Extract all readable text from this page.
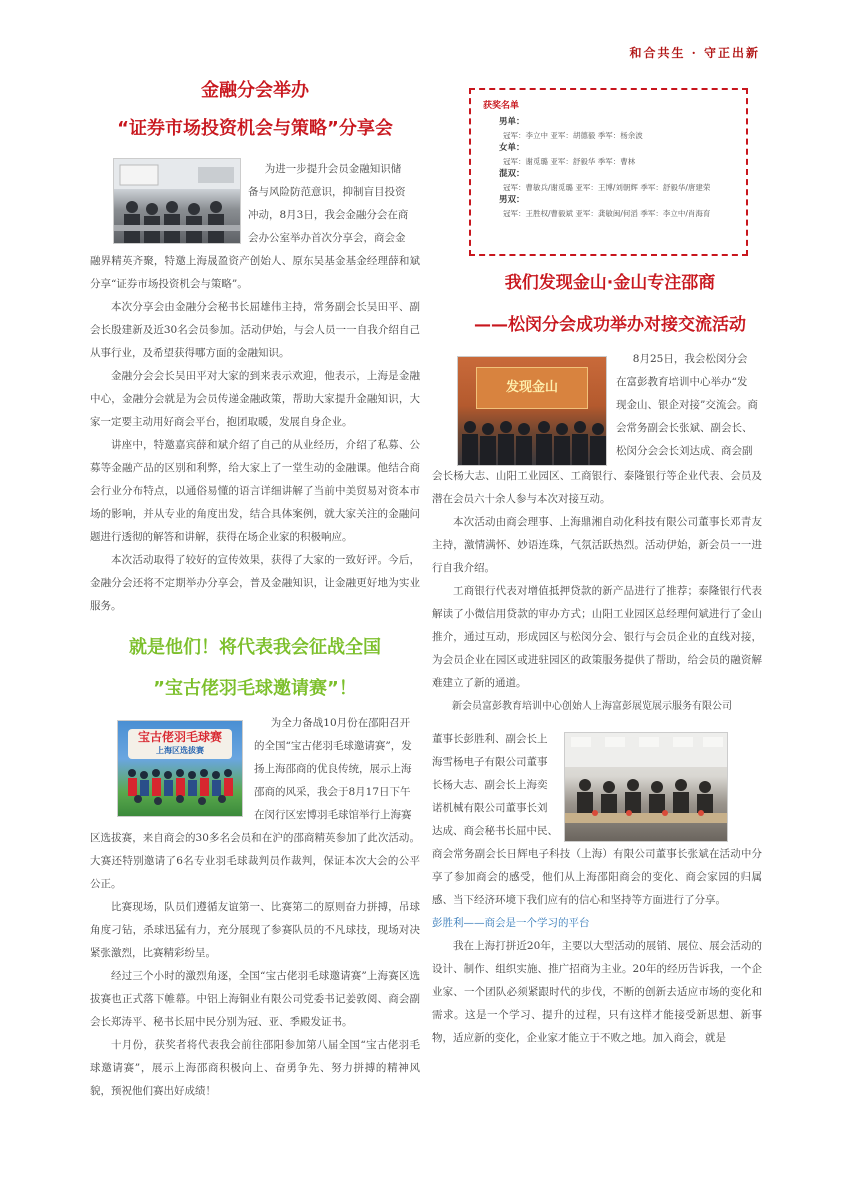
和合共生 · 守正出新
金融分会举办
“证券市场投资机会与策略”分享会

为进一步提升会员金融知识储

备与风险防范意识，抑制盲目投资

冲动，8月3日，我会金融分会在商

会办公室举办首次分享会，商会金

融界精英齐聚，特邀上海晟盈资产创始人、原东吴基金基金经理薛和斌分享“证券市场投资机会与策略”。

本次分享会由金融分会秘书长屈雄伟主持，常务副会长吴田平、副会长殷建新及近30名会员参加。活动伊始，与会人员一一自我介绍自己从事行业，及希望获得哪方面的金融知识。

金融分会会长吴田平对大家的到来表示欢迎，他表示，上海是金融中心，金融分会就是为会员传递金融政策，帮助大家提升金融知识，大家一定要主动用好商会平台，抱团取暖，发展自身企业。

讲座中，特邀嘉宾薛和斌介绍了自己的从业经历，介绍了私募、公募等金融产品的区别和利弊，给大家上了一堂生动的金融课。他结合商会行业分布特点，以通俗易懂的语言详细讲解了当前中美贸易对资本市场的影响，并从专业的角度出发，结合具体案例，就大家关注的金融问题进行透彻的解答和讲解，获得在场企业家的积极响应。

本次活动取得了较好的宣传效果，获得了大家的一致好评。今后，金融分会还将不定期举办分享会，普及金融知识，让金融更好地为实业服务。

就是他们！将代表我会征战全国
”宝古佬羽毛球邀请赛”！
宝古佬羽毛球赛
上海区选拔赛

为全力备战10月份在邵阳召开

的全国“宝古佬羽毛球邀请赛”，发

扬上海邵商的优良传统，展示上海

邵商的风采，我会于8月17日下午

在闵行区宏博羽毛球馆举行上海赛

区选拔赛，来自商会的30多名会员和在沪的邵商精英参加了此次活动。大赛还特别邀请了6名专业羽毛球裁判员作裁判，保证本次大会的公平公正。

比赛现场，队员们遵循友谊第一、比赛第二的原则奋力拼搏，吊球角度刁钻，杀球迅猛有力，充分展现了参赛队员的不凡球技，现场对决紧张激烈，比赛精彩纷呈。

经过三个小时的激烈角逐，全国“宝古佬羽毛球邀请赛”上海赛区选拔赛也正式落下帷幕。中铝上海铜业有限公司党委书记姜敦阅、商会副会长郑涛平、秘书长屈中民分别为冠、亚、季殿发证书。

十月份，获奖者将代表我会前往邵阳参加第八届全国“宝古佬羽毛球邀请赛”，展示上海邵商积极向上、奋勇争先、努力拼搏的精神风貌，预祝他们赛出好成绩！

获奖名单
男单：
冠军：李立中 亚军：胡德毅 季军：杨余波
女单：
冠军：谢觅璐 亚军：舒毅华 季军：曹林
混双：
冠军：曹敏兵/谢觅璐 亚军：王博/刘朝辉 季军：舒毅华/唐建荣
男双：
冠军：王胜权/曹毅斌 亚军：龚敏闽/何滔 季军：李立中/肖海育
我们发现金山·金山专注邵商
——松闵分会成功举办对接交流活动
发现金山

8月25日，我会松闵分会

在富彭教育培训中心举办“发

现金山、银企对接”交流会。商

会常务副会长张斌、副会长、

松闵分会会长刘达成、商会副

会长杨大志、山阳工业园区、工商银行、泰隆银行等企业代表、会员及潜在会员六十余人参与本次对接互动。

本次活动由商会理事、上海鼎湘自动化科技有限公司董事长邓青友主持，激情满怀、妙语连珠，气氛活跃热烈。活动伊始，新会员一一进行自我介绍。

工商银行代表对增值抵押贷款的新产品进行了推荐；泰隆银行代表解读了小微信用贷款的审办方式；山阳工业园区总经理何斌进行了金山推介，通过互动，形成园区与松闵分会、银行与会员企业的直线对接，为会员企业在园区或进驻园区的政策服务提供了帮助，给会员的融资解难建立了新的通道。

新会员富彭教育培训中心创始人上海富彭展览展示服务有限公司

董事长彭胜利、副会长上

海雪杨电子有限公司董事

长杨大志、副会长上海奕

诺机械有限公司董事长刘

达成、商会秘书长屈中民、

商会常务副会长日辉电子科技（上海）有限公司董事长张斌在活动中分享了参加商会的感受，他们从上海邵阳商会的变化、商会家园的归属感、当下经济环境下我们应有的信心和坚持等方面进行了分享。

彭胜利——商会是一个学习的平台

我在上海打拼近20年，主要以大型活动的展销、展位、展会活动的设计、制作、组织实施、推广招商为主业。20年的经历告诉我，一个企业家、一个团队必须紧跟时代的步伐，不断的创新去适应市场的变化和需求。这是一个学习、提升的过程，只有这样才能接受新思想、新事物，适应新的变化，企业家才能立于不败之地。加入商会，就是
